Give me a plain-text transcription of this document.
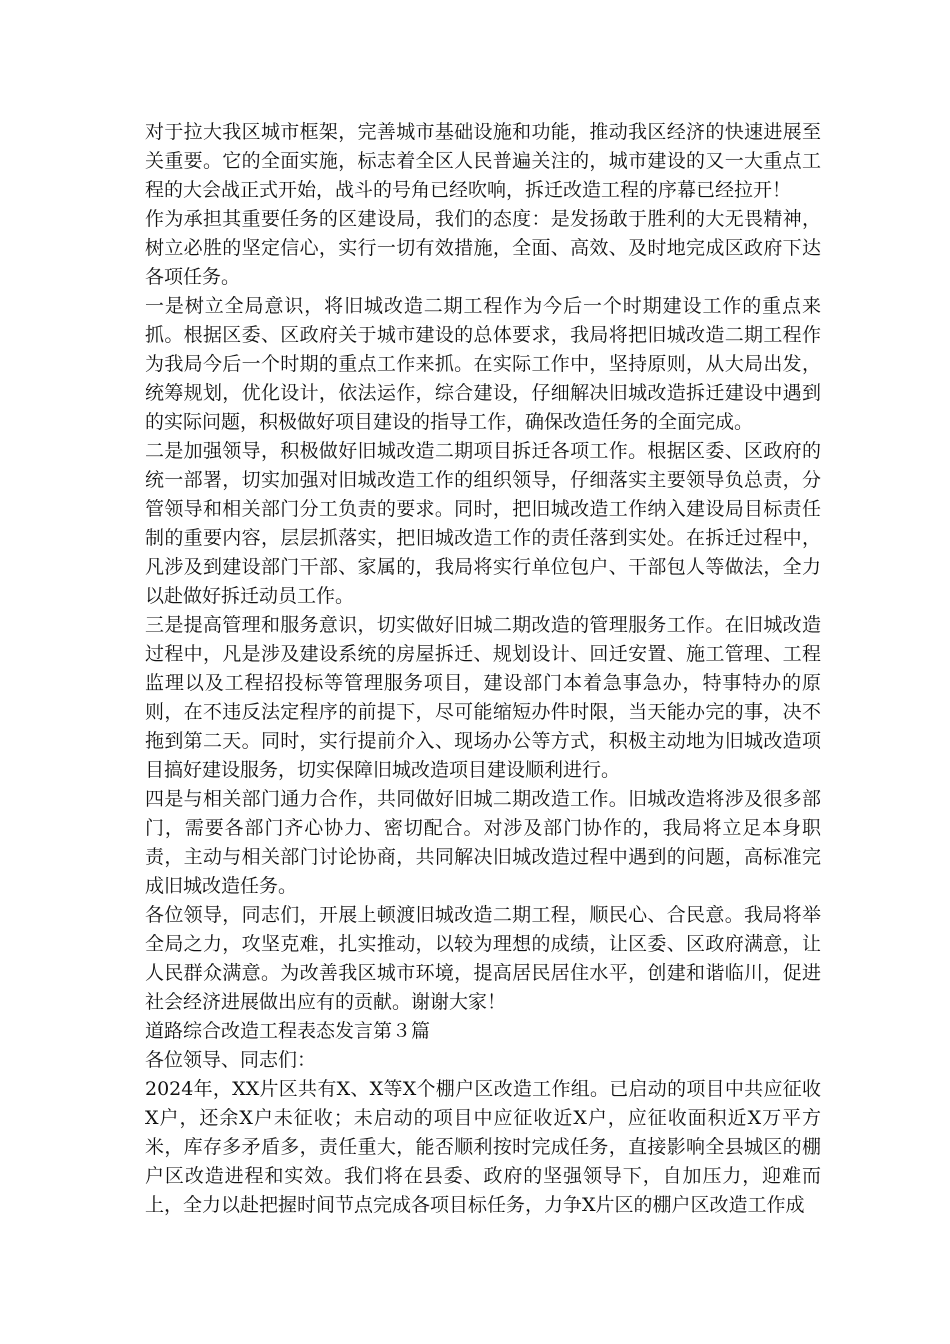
对于拉大我区城市框架，完善城市基础设施和功能，推动我区经济的快速进展至关重要。它的全面实施，标志着全区人民普遍关注的，城市建设的又一大重点工程的大会战正式开始，战斗的号角已经吹响，拆迁改造工程的序幕已经拉开！

作为承担其重要任务的区建设局，我们的态度：是发扬敢于胜利的大无畏精神，树立必胜的坚定信心，实行一切有效措施，全面、高效、及时地完成区政府下达各项任务。

一是树立全局意识，将旧城改造二期工程作为今后一个时期建设工作的重点来抓。根据区委、区政府关于城市建设的总体要求，我局将把旧城改造二期工程作为我局今后一个时期的重点工作来抓。在实际工作中，坚持原则，从大局出发，统筹规划，优化设计，依法运作，综合建设，仔细解决旧城改造拆迁建设中遇到的实际问题，积极做好项目建设的指导工作，确保改造任务的全面完成。

二是加强领导，积极做好旧城改造二期项目拆迁各项工作。根据区委、区政府的统一部署，切实加强对旧城改造工作的组织领导，仔细落实主要领导负总责，分管领导和相关部门分工负责的要求。同时，把旧城改造工作纳入建设局目标责任制的重要内容，层层抓落实，把旧城改造工作的责任落到实处。在拆迁过程中，凡涉及到建设部门干部、家属的，我局将实行单位包户、干部包人等做法，全力以赴做好拆迁动员工作。

三是提高管理和服务意识，切实做好旧城二期改造的管理服务工作。在旧城改造过程中，凡是涉及建设系统的房屋拆迁、规划设计、回迁安置、施工管理、工程监理以及工程招投标等管理服务项目，建设部门本着急事急办，特事特办的原则，在不违反法定程序的前提下，尽可能缩短办件时限，当天能办完的事，决不拖到第二天。同时，实行提前介入、现场办公等方式，积极主动地为旧城改造项目搞好建设服务，切实保障旧城改造项目建设顺利进行。

四是与相关部门通力合作，共同做好旧城二期改造工作。旧城改造将涉及很多部门，需要各部门齐心协力、密切配合。对涉及部门协作的，我局将立足本身职责，主动与相关部门讨论协商，共同解决旧城改造过程中遇到的问题，高标准完成旧城改造任务。

各位领导，同志们，开展上顿渡旧城改造二期工程，顺民心、合民意。我局将举全局之力，攻坚克难，扎实推动，以较为理想的成绩，让区委、区政府满意，让人民群众满意。为改善我区城市环境，提高居民居住水平，创建和谐临川，促进社会经济进展做出应有的贡献。谢谢大家！

道路综合改造工程表态发言第３篇

各位领导、同志们：

2024年，XX片区共有X、X等X个棚户区改造工作组。已启动的项目中共应征收X户，还余X户未征收；未启动的项目中应征收近X户，应征收面积近X万平方米，库存多矛盾多，责任重大，能否顺利按时完成任务，直接影响全县城区的棚户区改造进程和实效。我们将在县委、政府的坚强领导下，自加压力，迎难而上，全力以赴把握时间节点完成各项目标任务，力争X片区的棚户区改造工作成
